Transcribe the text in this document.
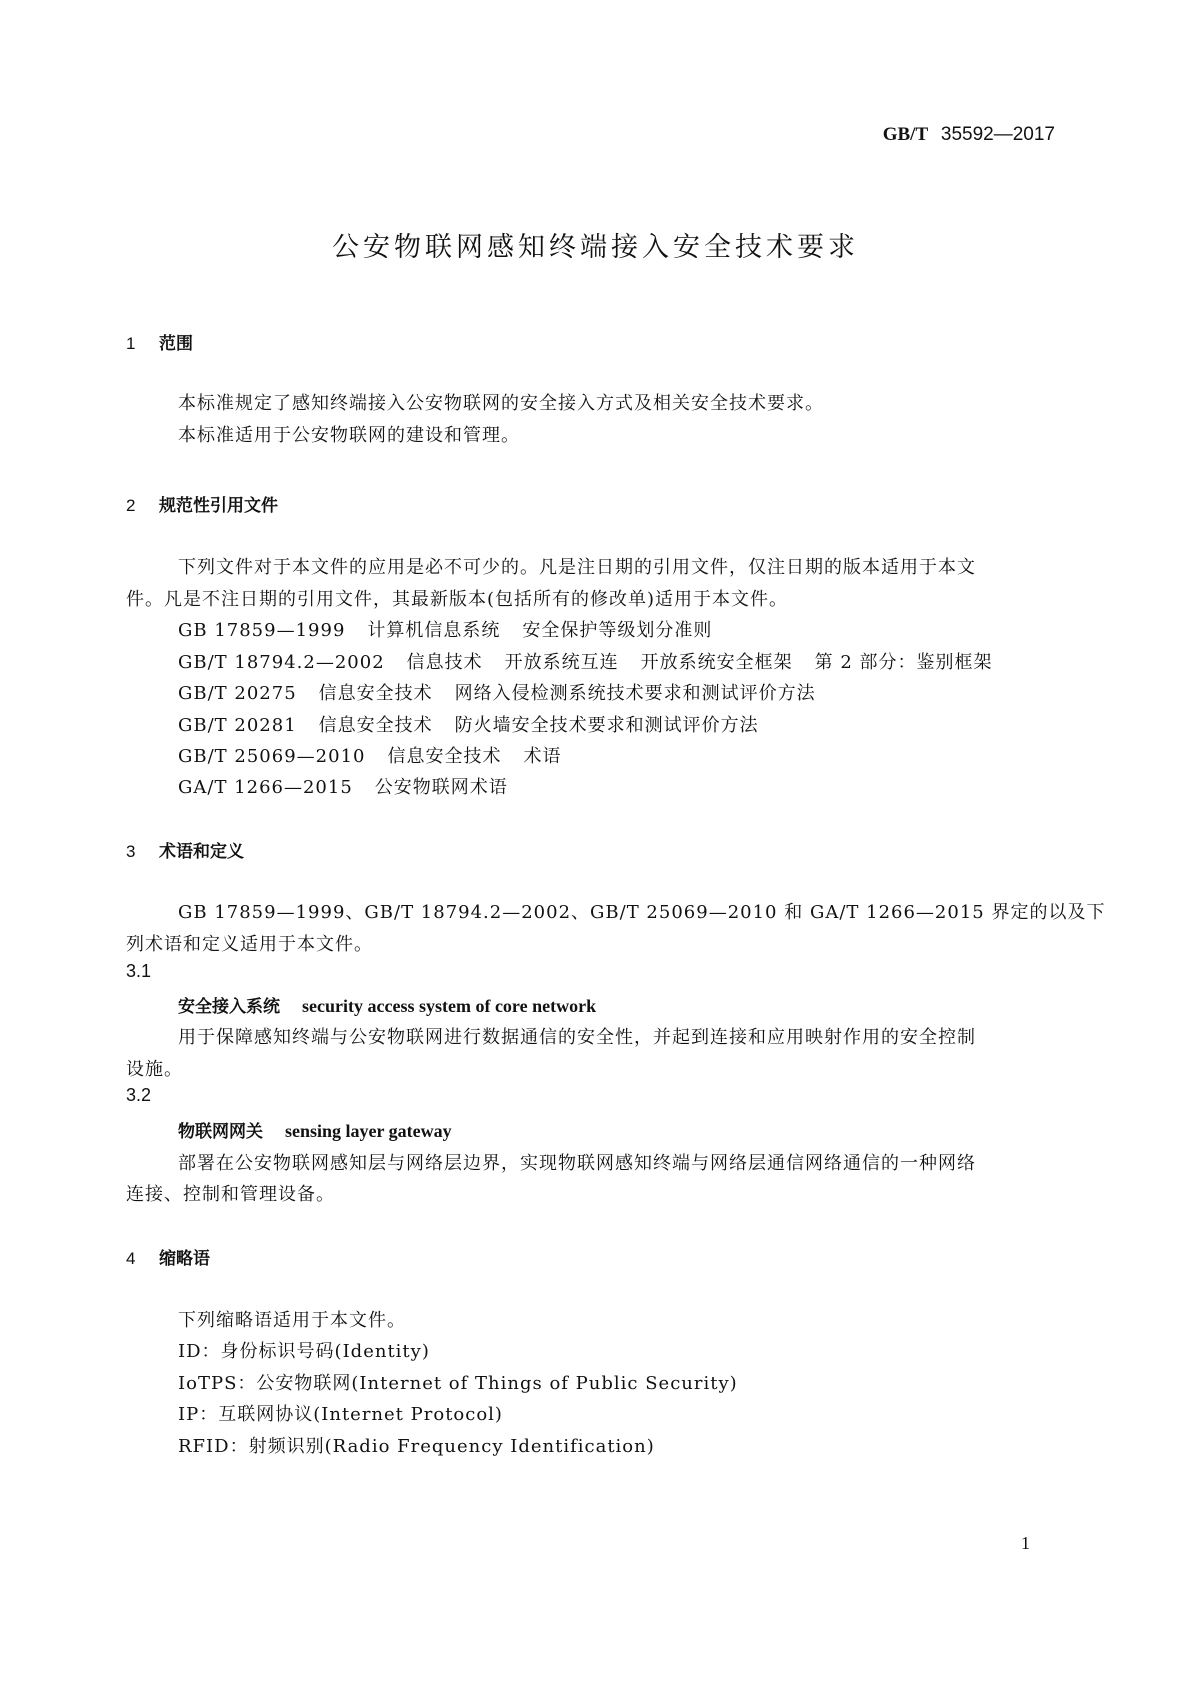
GB/T 35592—2017
公安物联网感知终端接入安全技术要求
1 范围
本标准规定了感知终端接入公安物联网的安全接入方式及相关安全技术要求。
本标准适用于公安物联网的建设和管理。
2 规范性引用文件
下列文件对于本文件的应用是必不可少的。凡是注日期的引用文件，仅注日期的版本适用于本文
件。凡是不注日期的引用文件，其最新版本(包括所有的修改单)适用于本文件。
GB 17859—1999 计算机信息系统 安全保护等级划分准则
GB/T 18794.2—2002 信息技术 开放系统互连 开放系统安全框架 第 2 部分：鉴别框架
GB/T 20275 信息安全技术 网络入侵检测系统技术要求和测试评价方法
GB/T 20281 信息安全技术 防火墙安全技术要求和测试评价方法
GB/T 25069—2010 信息安全技术 术语
GA/T 1266—2015 公安物联网术语
3 术语和定义
GB 17859—1999、GB/T 18794.2—2002、GB/T 25069—2010 和 GA/T 1266—2015 界定的以及下
列术语和定义适用于本文件。
3.1
安全接入系统 security access system of core network
用于保障感知终端与公安物联网进行数据通信的安全性，并起到连接和应用映射作用的安全控制
设施。
3.2
物联网网关 sensing layer gateway
部署在公安物联网感知层与网络层边界，实现物联网感知终端与网络层通信网络通信的一种网络
连接、控制和管理设备。
4 缩略语
下列缩略语适用于本文件。
ID：身份标识号码(Identity)
IoTPS：公安物联网(Internet of Things of Public Security)
IP：互联网协议(Internet Protocol)
RFID：射频识别(Radio Frequency Identification)
1
